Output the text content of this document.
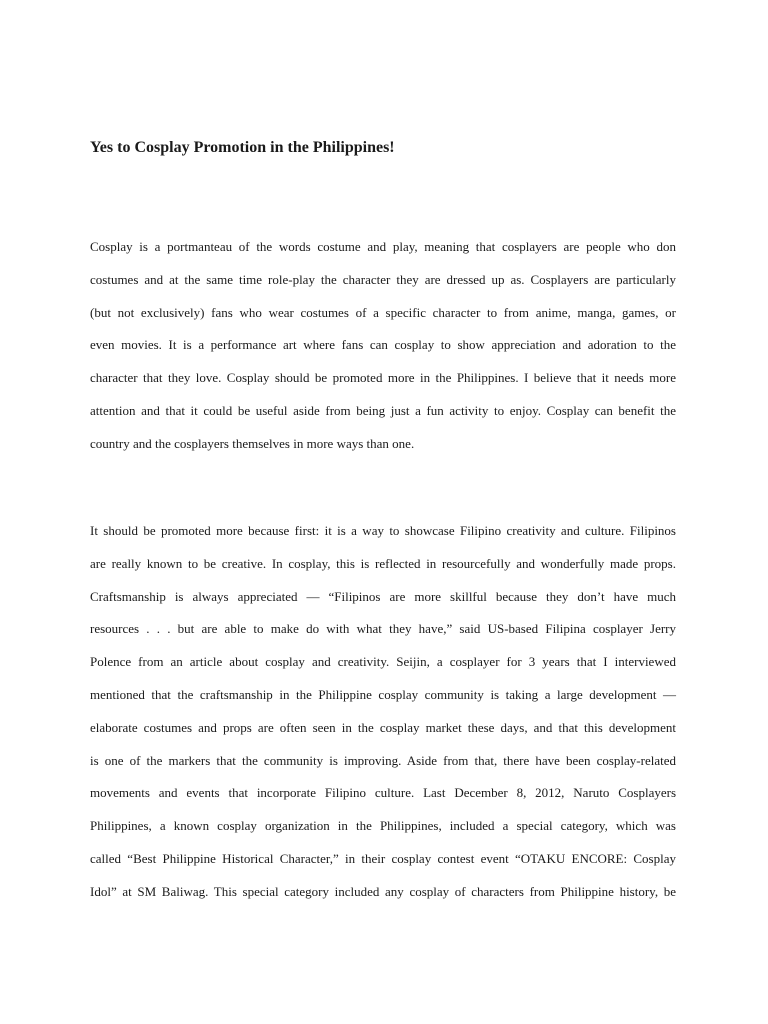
Yes to Cosplay Promotion in the Philippines!
Cosplay is a portmanteau of the words costume and play, meaning that cosplayers are people who don
costumes and at the same time role-play the character they are dressed up as. Cosplayers are particularly
(but not exclusively) fans who wear costumes of a specific character to from anime, manga, games, or
even movies. It is a performance art where fans can cosplay to show appreciation and adoration to the
character that they love. Cosplay should be promoted more in the Philippines. I believe that it needs more
attention and that it could be useful aside from being just a fun activity to enjoy. Cosplay can benefit the
country and the cosplayers themselves in more ways than one.
It should be promoted more because first: it is a way to showcase Filipino creativity and culture. Filipinos
are really known to be creative. In cosplay, this is reflected in resourcefully and wonderfully made props.
Craftsmanship is always appreciated — “Filipinos are more skillful because they don’t have much
resources . . . but are able to make do with what they have,” said US-based Filipina cosplayer Jerry
Polence from an article about cosplay and creativity. Seijin, a cosplayer for 3 years that I interviewed
mentioned that the craftsmanship in the Philippine cosplay community is taking a large development —
elaborate costumes and props are often seen in the cosplay market these days, and that this development
is one of the markers that the community is improving. Aside from that, there have been cosplay-related
movements and events that incorporate Filipino culture. Last December 8, 2012, Naruto Cosplayers
Philippines, a known cosplay organization in the Philippines, included a special category, which was
called “Best Philippine Historical Character,” in their cosplay contest event “OTAKU ENCORE: Cosplay
Idol” at SM Baliwag. This special category included any cosplay of characters from Philippine history, be
